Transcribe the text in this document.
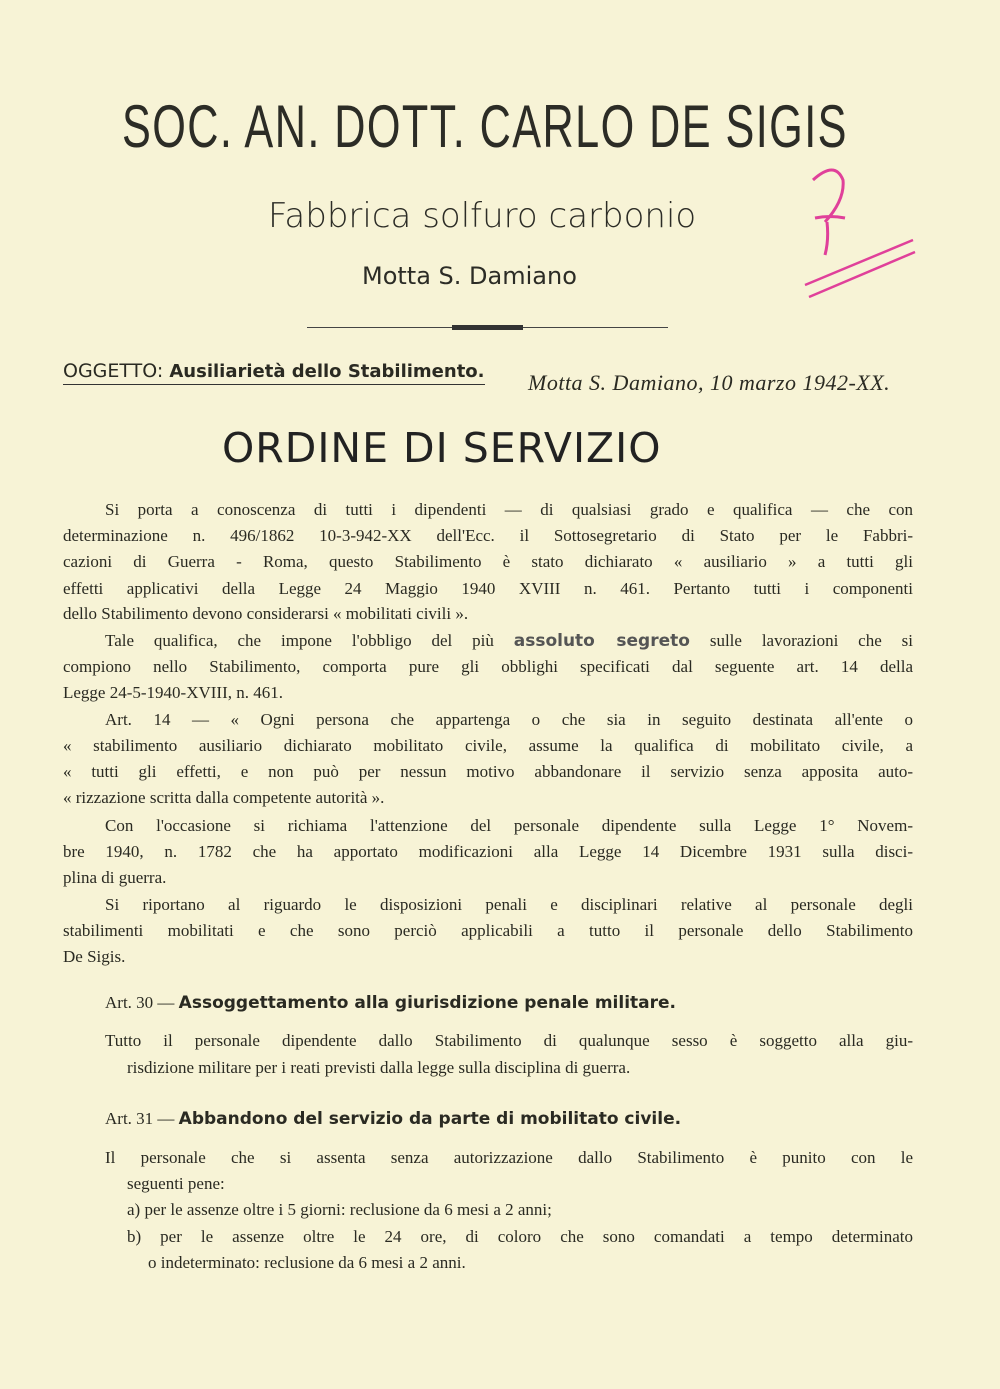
SOC. AN. DOTT. CARLO DE SIGIS
Fabbrica solfuro carbonio
Motta S. Damiano
OGGETTO: Ausiliarietà dello Stabilimento. Motta S. Damiano, 10 marzo 1942-XX.
ORDINE DI SERVIZIO
Si porta a conoscenza di tutti i dipendenti — di qualsiasi grado e qualifica — che con
determinazione n. 496/1862 10-3-942-XX dell'Ecc. il Sottosegretario di Stato per le Fabbri-
cazioni di Guerra - Roma, questo Stabilimento è stato dichiarato « ausiliario » a tutti gli
effetti applicativi della Legge 24 Maggio 1940 XVIII n. 461. Pertanto tutti i componenti
dello Stabilimento devono considerarsi « mobilitati civili ».
Tale qualifica, che impone l'obbligo del più assoluto segreto sulle lavorazioni che si
compiono nello Stabilimento, comporta pure gli obblighi specificati dal seguente art. 14 della
Legge 24-5-1940-XVIII, n. 461.
Art. 14 — « Ogni persona che appartenga o che sia in seguito destinata all'ente o
« stabilimento ausiliario dichiarato mobilitato civile, assume la qualifica di mobilitato civile, a
« tutti gli effetti, e non può per nessun motivo abbandonare il servizio senza apposita auto-
« rizzazione scritta dalla competente autorità ».
Con l'occasione si richiama l'attenzione del personale dipendente sulla Legge 1° Novem-
bre 1940, n. 1782 che ha apportato modificazioni alla Legge 14 Dicembre 1931 sulla disci-
plina di guerra.
Si riportano al riguardo le disposizioni penali e disciplinari relative al personale degli
stabilimenti mobilitati e che sono perciò applicabili a tutto il personale dello Stabilimento
De Sigis.
Art. 30 — Assoggettamento alla giurisdizione penale militare.
Tutto il personale dipendente dallo Stabilimento di qualunque sesso è soggetto alla giu-
risdizione militare per i reati previsti dalla legge sulla disciplina di guerra.
Art. 31 — Abbandono del servizio da parte di mobilitato civile.
Il personale che si assenta senza autorizzazione dallo Stabilimento è punito con le
seguenti pene:
a) per le assenze oltre i 5 giorni: reclusione da 6 mesi a 2 anni;
b) per le assenze oltre le 24 ore, di coloro che sono comandati a tempo determinato
o indeterminato: reclusione da 6 mesi a 2 anni.
